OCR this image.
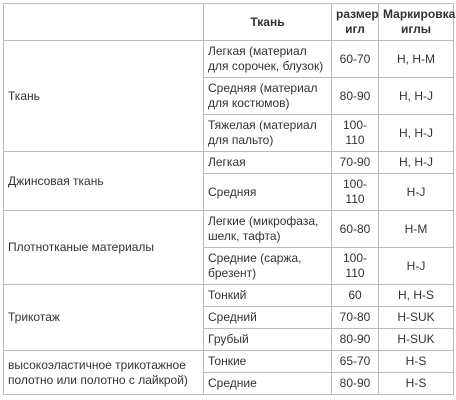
	Ткань	размер игл	Маркировка иглы
Ткань	Легкая (материал для сорочек, блузок)	60-70	H, H-M
	Средняя (материал для костюмов)	80-90	H, H-J
	Тяжелая (материал для пальто)	100-110	H, H-J
Джинсовая ткань	Легкая	70-90	H, H-J
	Средняя	100-110	H-J
Плотнотканые материалы	Легкие (микрофаза, шелк, тафта)	60-80	H-M
	Средние (саржа, брезент)	100-110	H-J
Трикотаж	Тонкий	60	H, H-S
	Средний	70-80	H-SUK
	Грубый	80-90	H-SUK
высокоэластичное трикотажное полотно или полотно с лайкрой)	Тонкие	65-70	H-S
	Средние	80-90	H-S
